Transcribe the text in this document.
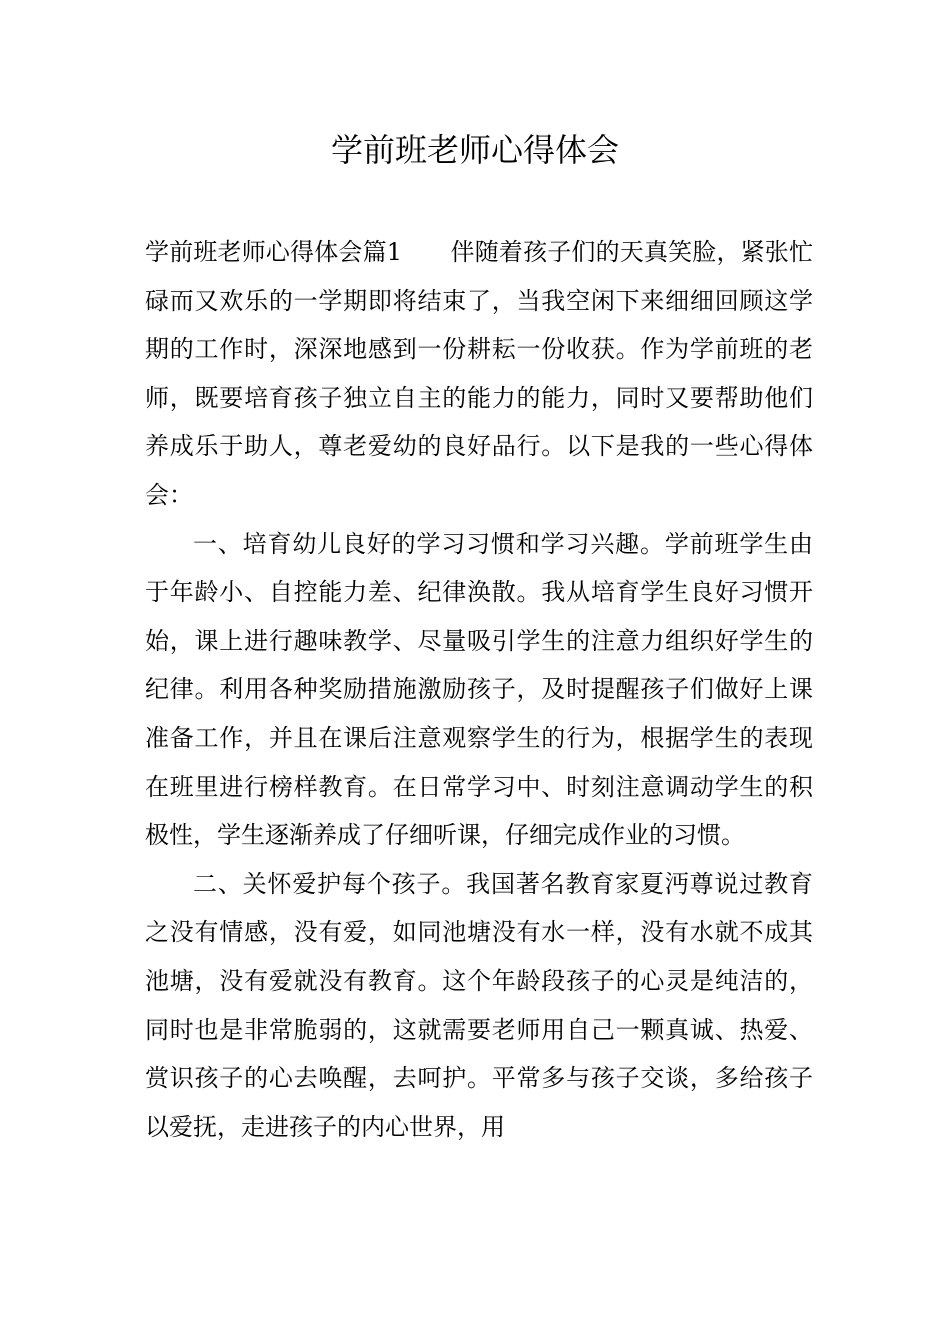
学前班老师心得体会

学前班老师心得体会篇1　　伴随着孩子们的天真笑脸，紧张忙碌而又欢乐的一学期即将结束了，当我空闲下来细细回顾这学期的工作时，深深地感到一份耕耘一份收获。作为学前班的老师，既要培育孩子独立自主的能力的能力，同时又要帮助他们养成乐于助人，尊老爱幼的良好品行。以下是我的一些心得体会：

一、培育幼儿良好的学习习惯和学习兴趣。学前班学生由于年龄小、自控能力差、纪律涣散。我从培育学生良好习惯开始，课上进行趣味教学、尽量吸引学生的注意力组织好学生的纪律。利用各种奖励措施激励孩子，及时提醒孩子们做好上课准备工作，并且在课后注意观察学生的行为，根据学生的表现在班里进行榜样教育。在日常学习中、时刻注意调动学生的积极性，学生逐渐养成了仔细听课，仔细完成作业的习惯。

二、关怀爱护每个孩子。我国著名教育家夏沔尊说过教育之没有情感，没有爱，如同池塘没有水一样，没有水就不成其池塘，没有爱就没有教育。这个年龄段孩子的心灵是纯洁的，同时也是非常脆弱的，这就需要老师用自己一颗真诚、热爱、赏识孩子的心去唤醒，去呵护。平常多与孩子交谈，多给孩子以爱抚，走进孩子的内心世界，用
